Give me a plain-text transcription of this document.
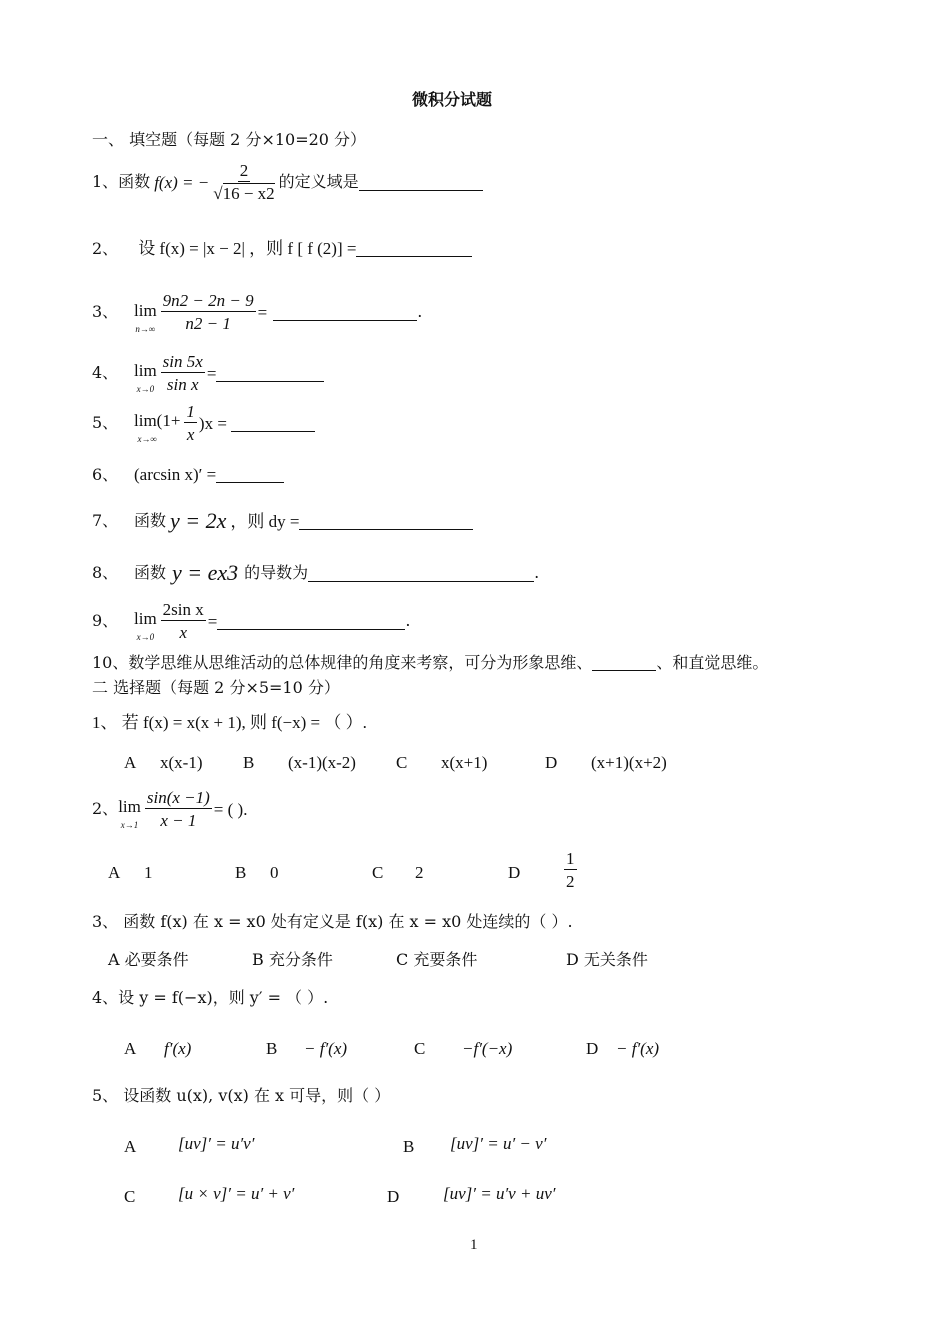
微积分试题
一、 填空题（每题 2 分×10=20 分）
1、函数 f(x) = − $\frac{2}{√16 - x2}$ 的定义域是
2、 设 f(x) = |x − 2| ，则 f [ f (2)] =
3、 lim
$n\to\infty \frac{9n2 - 2n - 9}{n2 - 1}$ =	.
4、 lim
$x\to 0 \frac{\sin 5x}{\text{sin x}}$ =
5、 lim(1+
$x\to\infty \frac{1}{x} )x$ =
6、 (arcsin x)′ =
7、 函数 y = 2x ，则 dy =
8、 函数 y = ex3 的导数为	.
9、 lim
$x\to 0 \frac{\text{2sin x}}{x}$ =	.
10、数学思维从思维活动的总体规律的角度来考察，可分为形象思维、	、和直觉思维。
二 选择题（每题 2 分×5=10 分）
1、 若 f(x) = x(x + 1), 则 f(−x) = （ ）.
A x(x-1) B (x-1)(x-2) C x(x+1)	D (x+1)(x+2)
2、 lim
$x\to 1 \frac{\sin(x -1)}{x - 1}$ = ( ).
A 1	B 0	C 2	D	$\frac{1}{2}$
3、 函数 f(x) 在 x = x0 处有定义是 f(x) 在 x = x0 处连续的（ ）.
A 必要条件	B 充分条件	C 充要条件	D 无关条件
4、设 y = f(−x)，则 y′ = （ ）.
A f′(x)	B − f′(x)	C −f′(−x)	D − f′(x)
5、 设函数 u(x), v(x) 在 x 可导，则（ ）
A [uv]′ = u′v′	B [uv]′ = u′ − v′
C	[u × v]′ = u′ + v′	D	[uv]′ = u′v + uv′
1
